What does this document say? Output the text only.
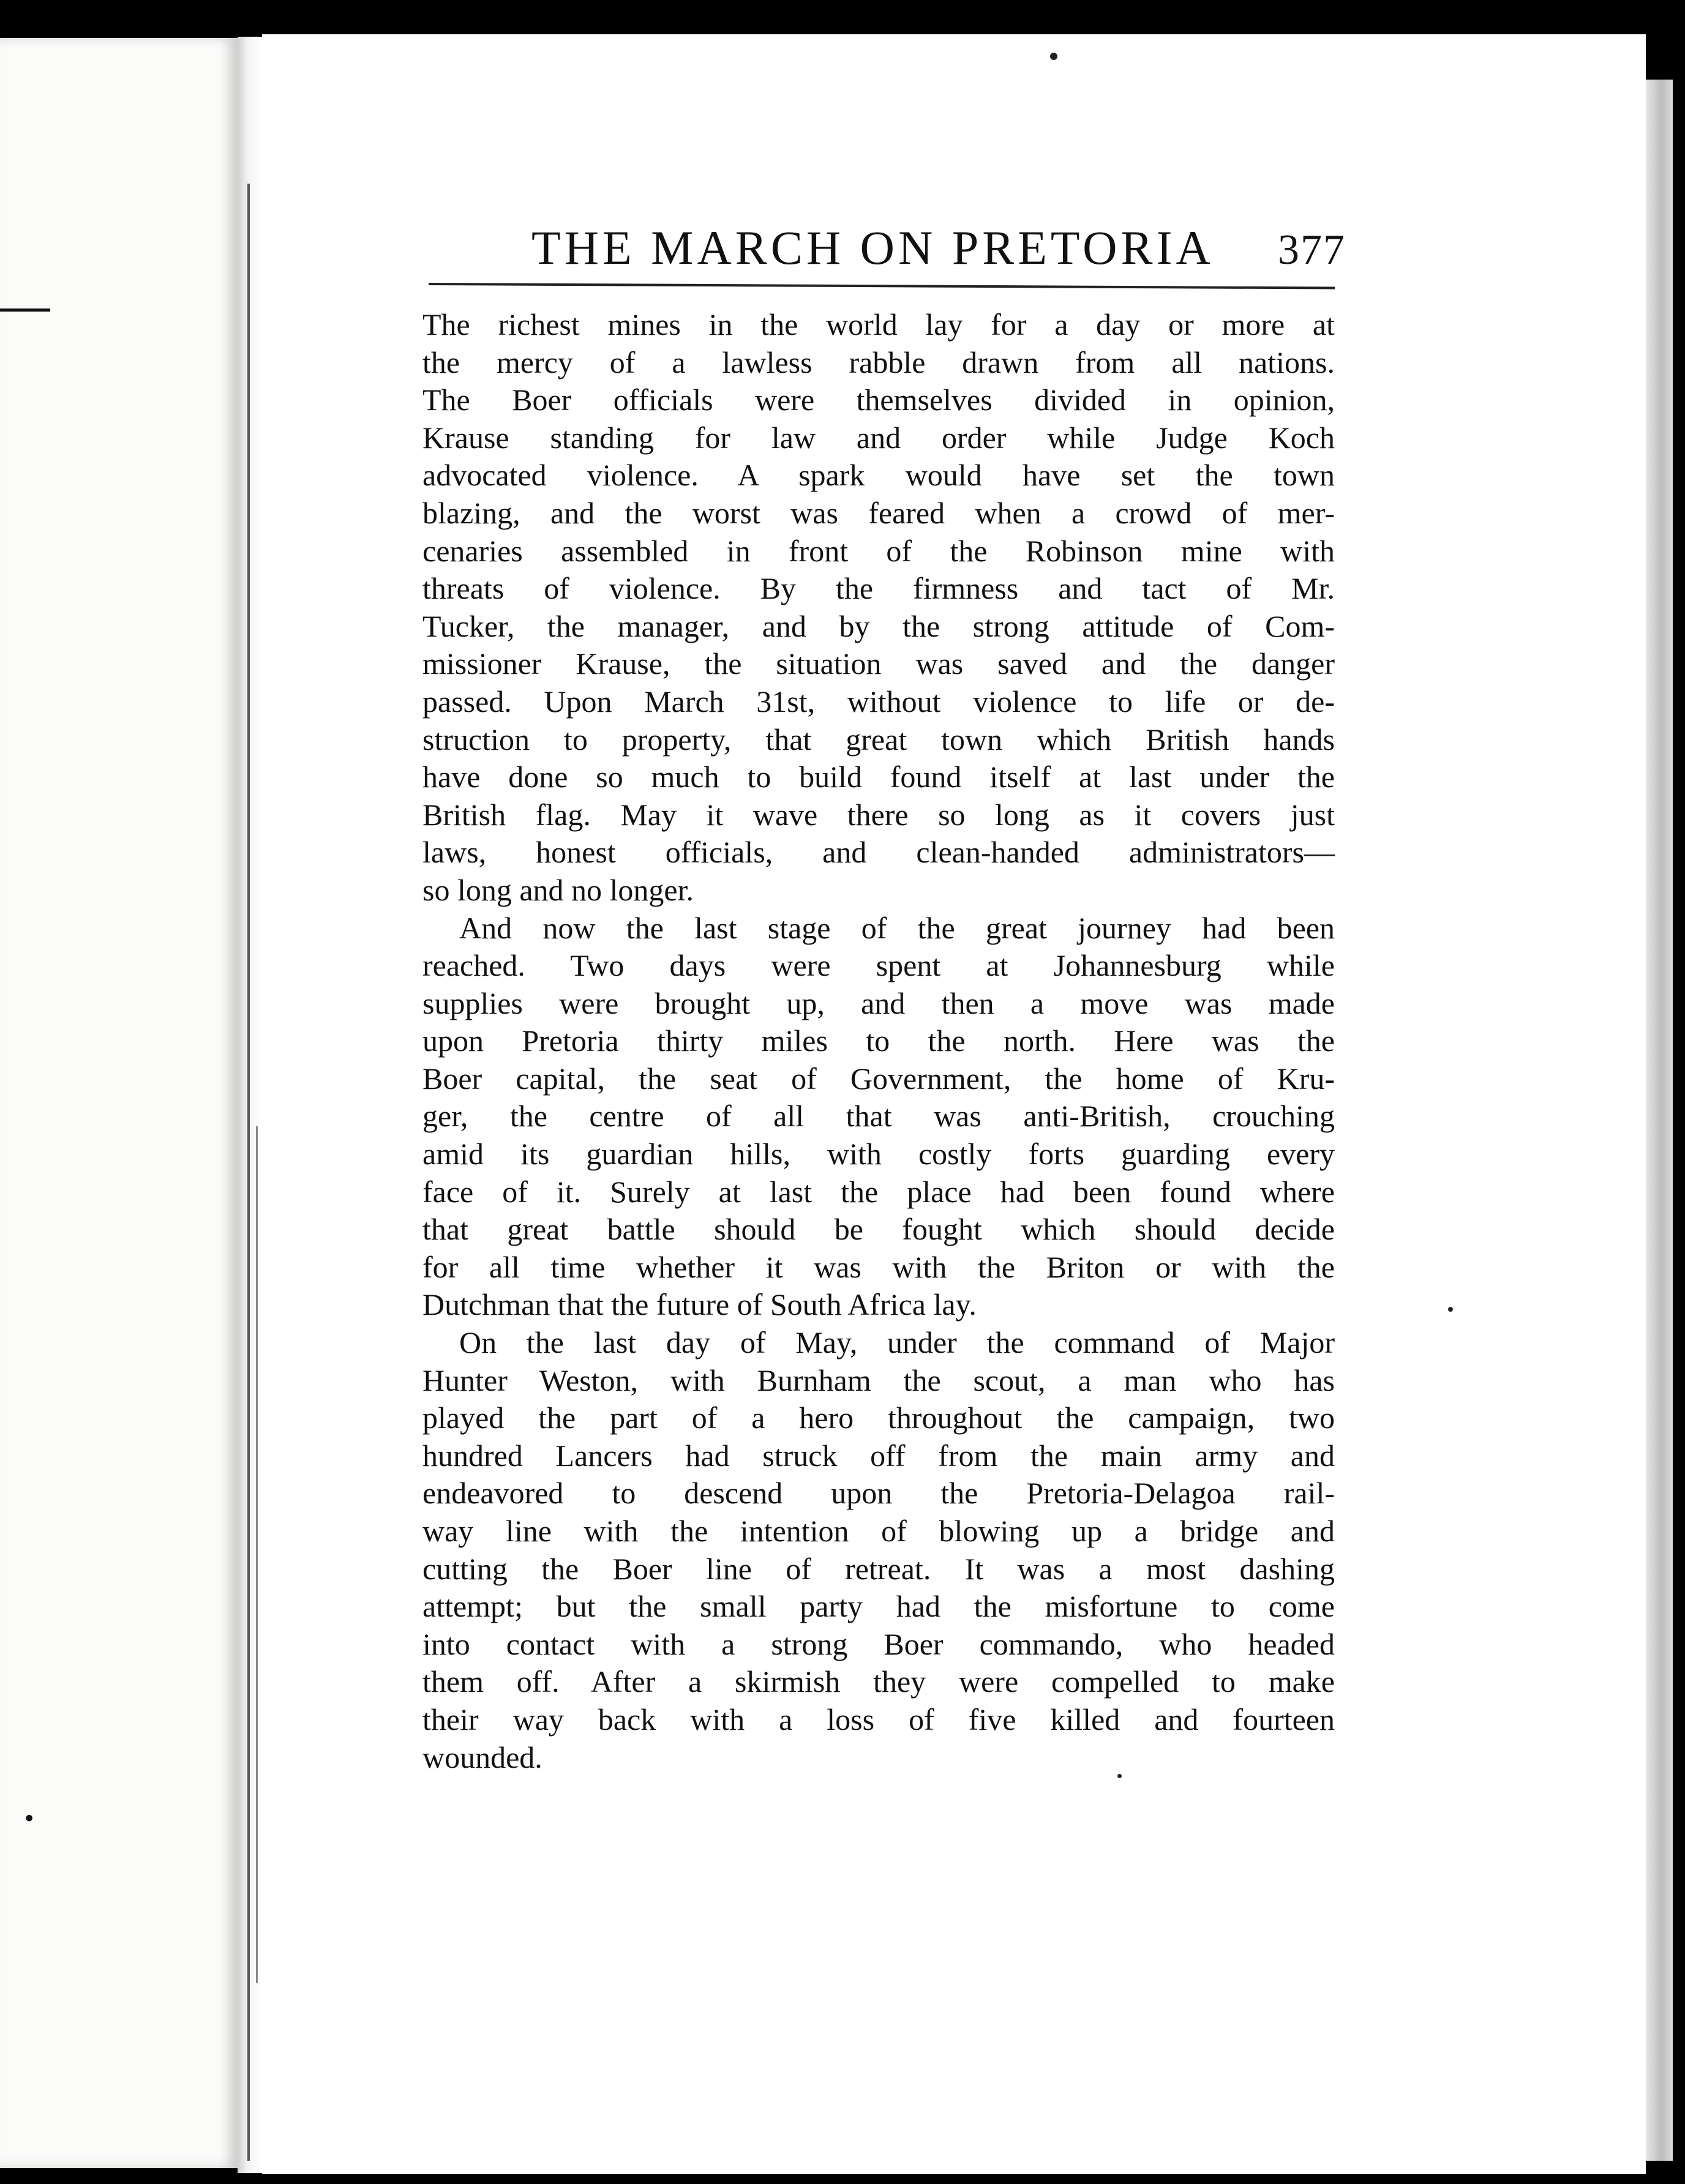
•
THE MARCH ON PRETORIA 377
The richest mines in the world lay for a day or more at
the mercy of a lawless rabble drawn from all nations.
The Boer officials were themselves divided in opinion,
Krause standing for law and order while Judge Koch
advocated violence. A spark would have set the town
blazing, and the worst was feared when a crowd of mer-
cenaries assembled in front of the Robinson mine with
threats of violence. By the firmness and tact of Mr.
Tucker, the manager, and by the strong attitude of Com-
missioner Krause, the situation was saved and the danger
passed. Upon March 31st, without violence to life or de-
struction to property, that great town which British hands
have done so much to build found itself at last under the
British flag. May it wave there so long as it covers just
laws, honest officials, and clean-handed administrators—
so long and no longer.
And now the last stage of the great journey had been
reached. Two days were spent at Johannesburg while
supplies were brought up, and then a move was made
upon Pretoria thirty miles to the north. Here was the
Boer capital, the seat of Government, the home of Kru-
ger, the centre of all that was anti-British, crouching
amid its guardian hills, with costly forts guarding every
face of it. Surely at last the place had been found where
that great battle should be fought which should decide
for all time whether it was with the Briton or with the
Dutchman that the future of South Africa lay.
On the last day of May, under the command of Major
Hunter Weston, with Burnham the scout, a man who has
played the part of a hero throughout the campaign, two
hundred Lancers had struck off from the main army and
endeavored to descend upon the Pretoria-Delagoa rail-
way line with the intention of blowing up a bridge and
cutting the Boer line of retreat. It was a most dashing
attempt; but the small party had the misfortune to come
into contact with a strong Boer commando, who headed
them off. After a skirmish they were compelled to make
their way back with a loss of five killed and fourteen
wounded.
